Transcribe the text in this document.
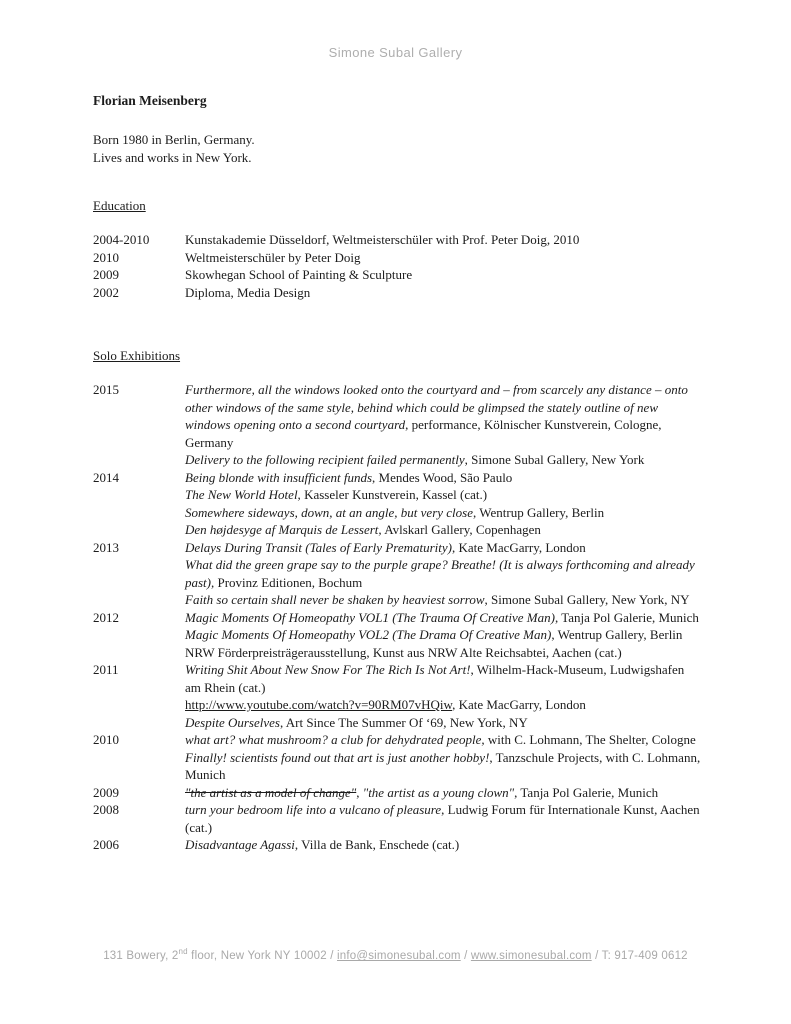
Simone Subal Gallery
Florian Meisenberg
Born 1980 in Berlin, Germany.
Lives and works in New York.
Education
2004-2010	Kunstakademie Düsseldorf, Weltmeisterschüler with Prof. Peter Doig, 2010
2010	Weltmeisterschüler by Peter Doig
2009	Skowhegan School of Painting & Sculpture
2002	Diploma, Media Design
Solo Exhibitions
2015	Furthermore, all the windows looked onto the courtyard and – from scarcely any distance – onto other windows of the same style, behind which could be glimpsed the stately outline of new windows opening onto a second courtyard, performance, Kölnischer Kunstverein, Cologne, Germany
Delivery to the following recipient failed permanently, Simone Subal Gallery, New York
2014	Being blonde with insufficient funds, Mendes Wood, São Paulo
The New World Hotel, Kasseler Kunstverein, Kassel (cat.)
Somewhere sideways, down, at an angle, but very close, Wentrup Gallery, Berlin
Den højdesyge af Marquis de Lessert, Avlskarl Gallery, Copenhagen
2013	Delays During Transit (Tales of Early Prematurity), Kate MacGarry, London
What did the green grape say to the purple grape? Breathe! (It is always forthcoming and already past), Provinz Editionen, Bochum
Faith so certain shall never be shaken by heaviest sorrow, Simone Subal Gallery, New York, NY
2012	Magic Moments Of Homeopathy VOL1 (The Trauma Of Creative Man), Tanja Pol Galerie, Munich
Magic Moments Of Homeopathy VOL2 (The Drama Of Creative Man), Wentrup Gallery, Berlin
NRW Förderpreisträgerausstellung, Kunst aus NRW Alte Reichsabtei, Aachen (cat.)
2011	Writing Shit About New Snow For The Rich Is Not Art!, Wilhelm-Hack-Museum, Ludwigshafen am Rhein (cat.)
http://www.youtube.com/watch?v=90RM07vHQiw, Kate MacGarry, London
Despite Ourselves, Art Since The Summer Of ‘69, New York, NY
2010	what art? what mushroom? a club for dehydrated people, with C. Lohmann, The Shelter, Cologne
Finally! scientists found out that art is just another hobby!, Tanzschule Projects, with C. Lohmann, Munich
2009	"the artist as a model of change", "the artist as a young clown", Tanja Pol Galerie, Munich
2008	turn your bedroom life into a vulcano of pleasure, Ludwig Forum für Internationale Kunst, Aachen (cat.)
2006	Disadvantage Agassi, Villa de Bank, Enschede (cat.)
131 Bowery, 2nd floor, New York NY 10002 / info@simonesubal.com / www.simonesubal.com / T: 917-409 0612
